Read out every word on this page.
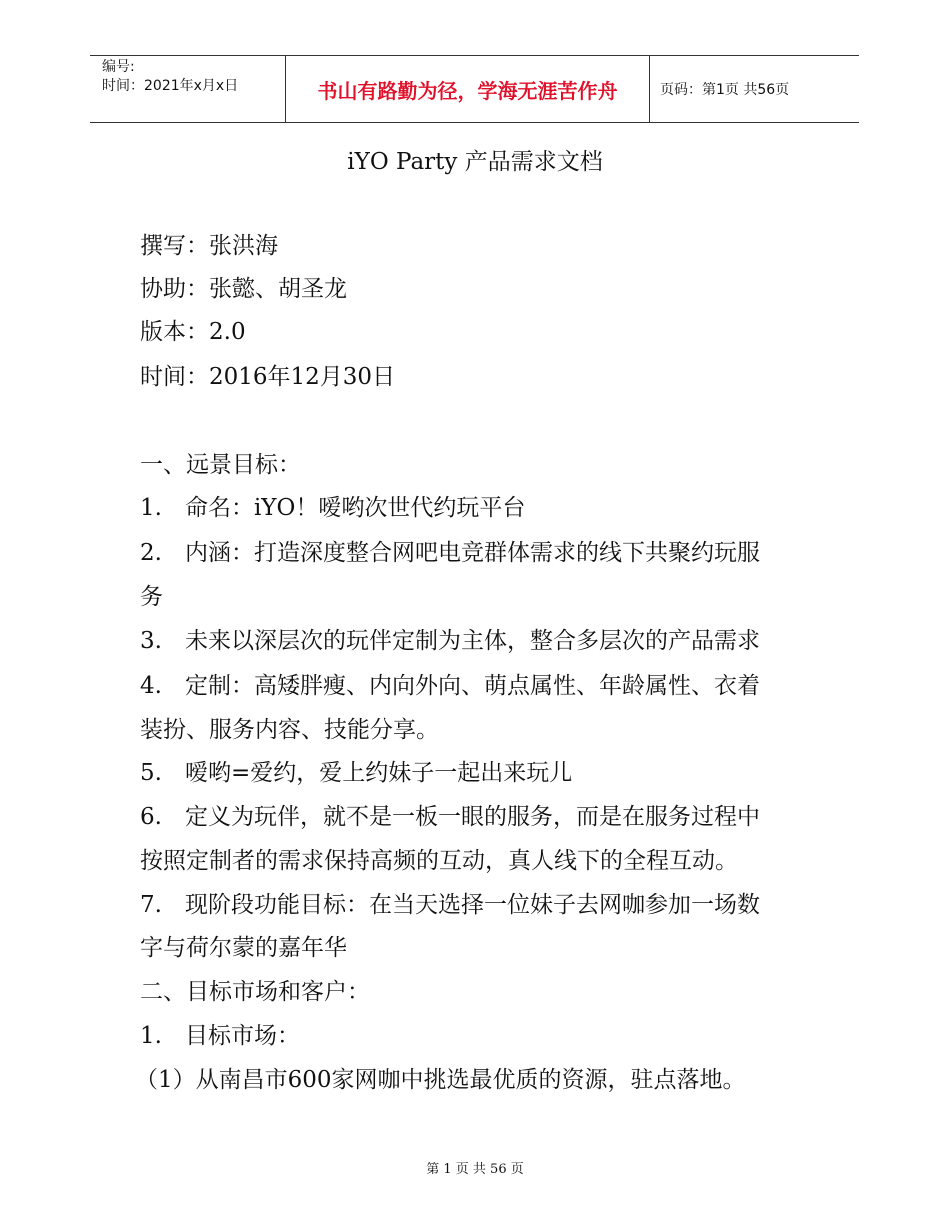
编号:
时间：2021年x月x日	书山有路勤为径，学海无涯苦作舟	页码：第1页 共56页
iYO Party 产品需求文档
撰写：张洪海
协助：张懿、胡圣龙
版本：2.0
时间：2016年12月30日
一、远景目标：
1.　命名：iYO！嗳哟次世代约玩平台
2.　内涵：打造深度整合网吧电竞群体需求的线下共聚约玩服
务
3.　未来以深层次的玩伴定制为主体，整合多层次的产品需求
4.　定制：高矮胖瘦、内向外向、萌点属性、年龄属性、衣着
装扮、服务内容、技能分享。
5.　嗳哟=爱约，爱上约妹子一起出来玩儿
6.　定义为玩伴，就不是一板一眼的服务，而是在服务过程中
按照定制者的需求保持高频的互动，真人线下的全程互动。
7.　现阶段功能目标：在当天选择一位妹子去网咖参加一场数
字与荷尔蒙的嘉年华
二、目标市场和客户：
1.　目标市场：
（1）从南昌市600家网咖中挑选最优质的资源，驻点落地。
第 1 页 共 56 页
